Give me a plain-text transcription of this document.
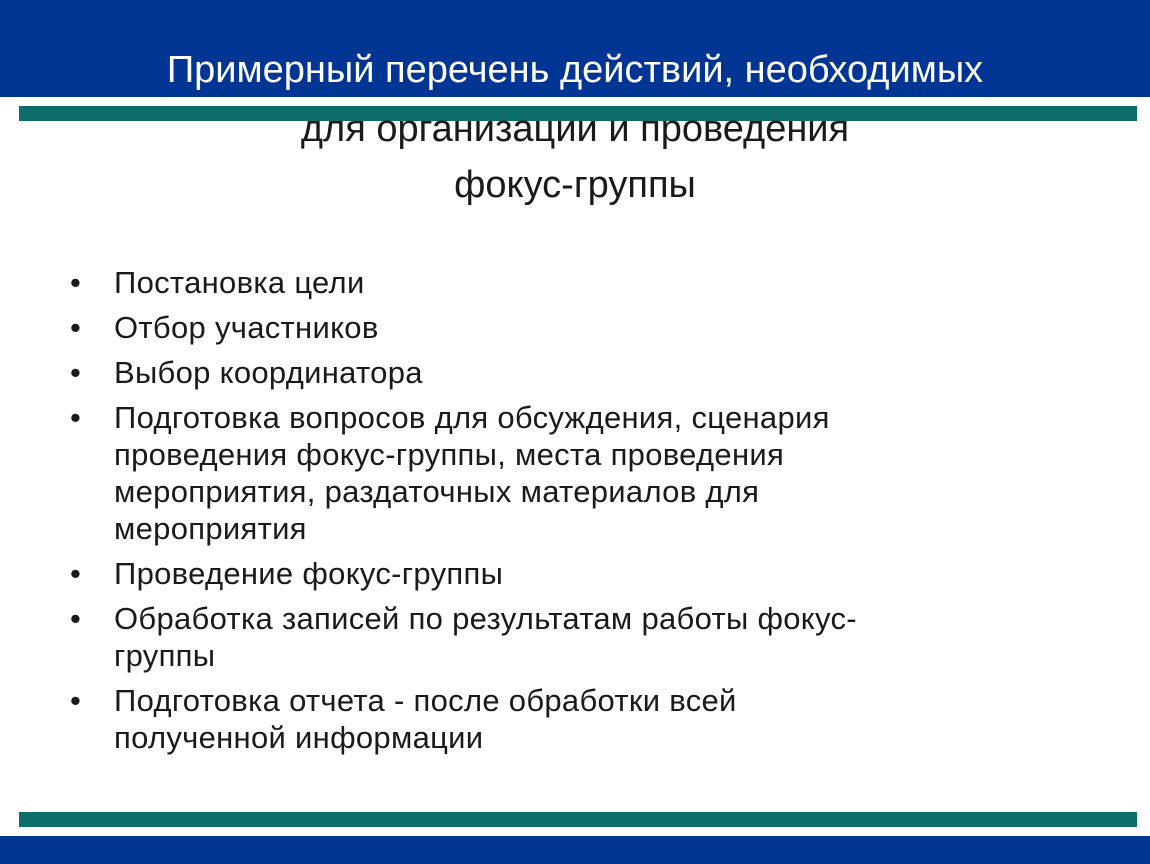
Примерный перечень действий, необходимых
для организации и проведения
фокус-группы
• Постановка цели
• Отбор участников
• Выбор координатора
• Подготовка вопросов для обсуждения, сценария
проведения фокус-группы, места проведения
мероприятия, раздаточных материалов для
мероприятия
• Проведение фокус-группы
• Обработка записей по результатам работы фокус-
группы
• Подготовка отчета - после обработки всей
полученной информации
